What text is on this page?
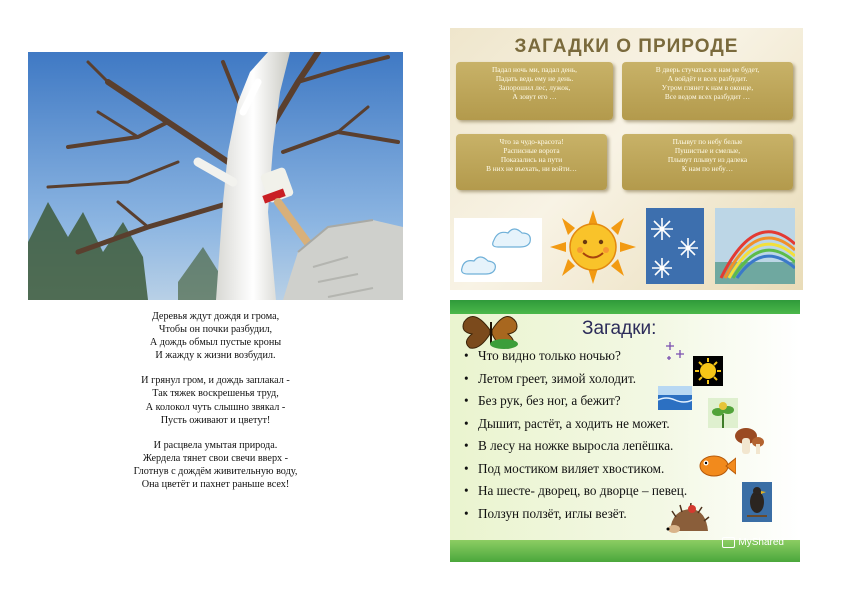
Деревья ждут дождя и грома,
Чтобы он почки разбудил,
А дождь обмыл пустые кроны
И жажду к жизни возбудил.
И грянул гром, и дождь заплакал -
Так тяжек воскрешенья труд,
А колокол чуть слышно звякал -
Пусть оживают и цветут!
И расцвела умытая природа.
Жердела тянет свои свечи вверх -
Глотнув с дождём живительную воду,
Она цветёт и пахнет раньше всех!
ЗАГАДКИ О ПРИРОДЕ
Падал ночь ми, падал день,
Падать ведь ему не день.
Запорошил лес, лужок,
А зовут его …
В дверь стучаться к нам не будет,
А войдёт и всех разбудит.
Утром глянет к нам в оконце,
Все ведом всех разбудит …
Что за чудо-красота!
Расписные ворота
Показались на пути
В них не въехать, ни войти…
Плывут по небу белые
Пушистые и смелые,
Плывут плывут из далека
К нам по небу…
Загадки:
• Что видно только ночью?
• Летом греет, зимой холодит.
• Без рук, без ног, а бежит?
• Дышит, растёт, а ходить не может.
• В лесу на ножке выросла лепёшка.
• Под мостиком виляет хвостиком.
• На шесте- дворец, во дворце – певец.
• Ползун ползёт, иглы везёт.
MyShared
